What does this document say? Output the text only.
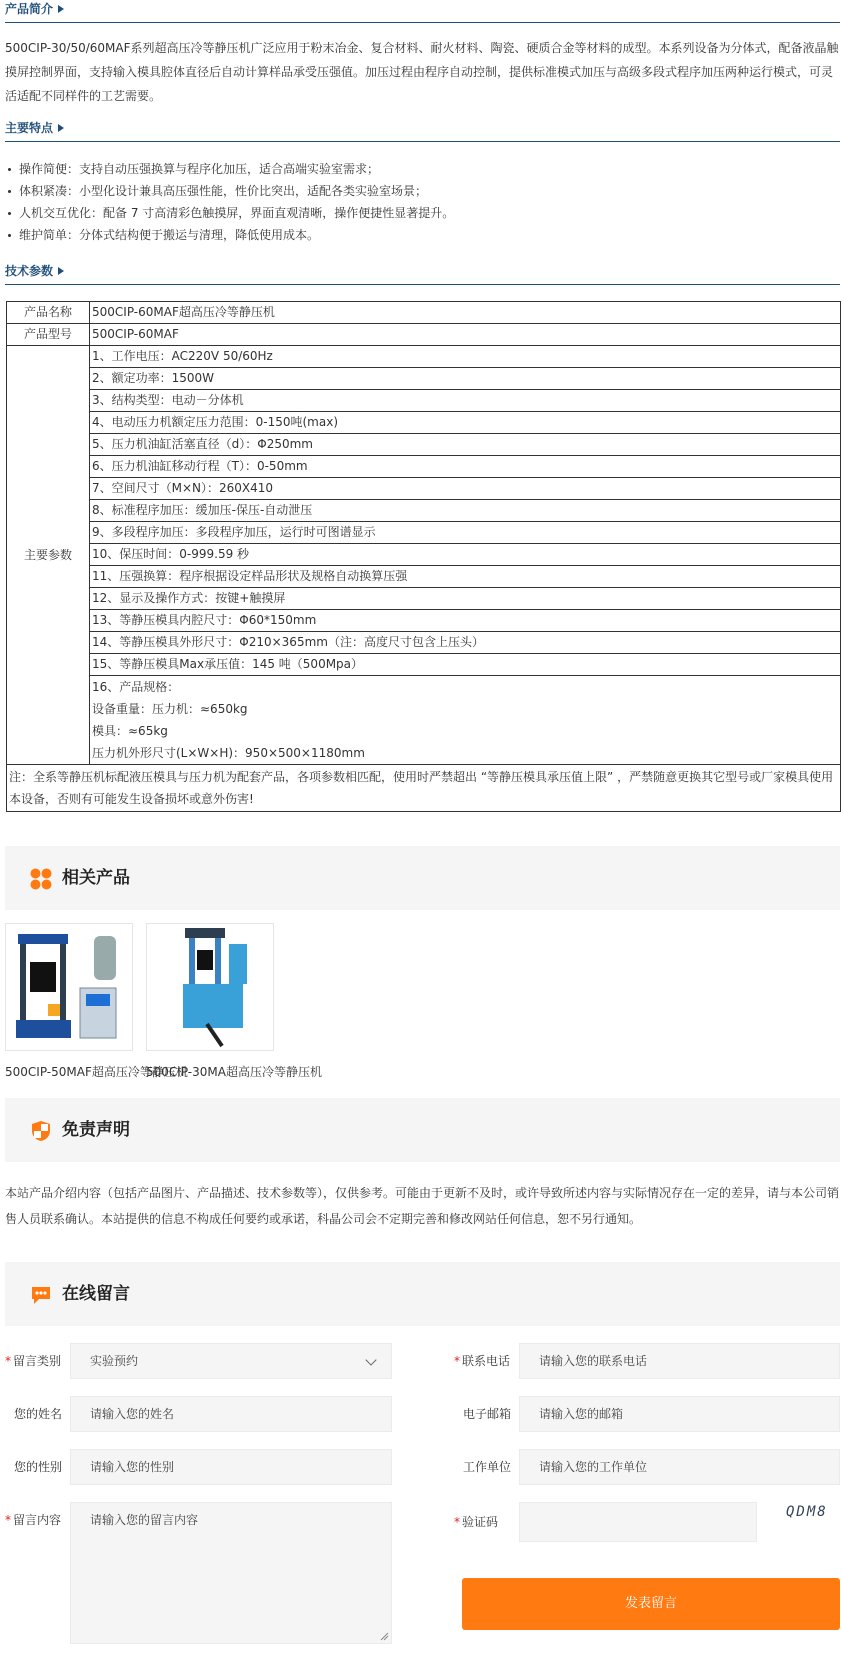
产品简介
500CIP-30/50/60MAF系列超高压冷等静压机广泛应用于粉末冶金、复合材料、耐火材料、陶瓷、硬质合金等材料的成型。本系列设备为分体式，配备液晶触摸屏控制界面，支持输入模具腔体直径后自动计算样品承受压强值。加压过程由程序自动控制，提供标准模式加压与高级多段式程序加压两种运行模式，可灵活适配不同样件的工艺需要。
主要特点
操作简便：支持自动压强换算与程序化加压，适合高端实验室需求；
体积紧凑：小型化设计兼具高压强性能，性价比突出，适配各类实验室场景；
人机交互优化：配备 7 寸高清彩色触摸屏，界面直观清晰，操作便捷性显著提升。
维护简单：分体式结构便于搬运与清理，降低使用成本。
技术参数
产品名称	500CIP-60MAF超高压冷等静压机
产品型号	500CIP-60MAF
主要参数	1、工作电压：AC220V 50/60Hz
	2、额定功率：1500W
	3、结构类型：电动－分体机
	4、电动压力机额定压力范围：0-150吨(max)
	5、压力机油缸活塞直径（d）：Φ250mm
	6、压力机油缸移动行程（T）：0-50mm
	7、空间尺寸（M×N）：260X410
	8、标准程序加压：缓加压-保压-自动泄压
	9、多段程序加压：多段程序加压，运行时可图谱显示
	10、保压时间：0-999.59 秒
	11、压强换算：程序根据设定样品形状及规格自动换算压强
	12、显示及操作方式：按键+触摸屏
	13、等静压模具内腔尺寸：Φ60*150mm
	14、等静压模具外形尺寸：Φ210×365mm（注：高度尺寸包含上压头）
	15、等静压模具Max承压值：145 吨（500Mpa）

	16、产品规格：
设备重量：压力机：≈650kg
模具：≈65kg
压力机外形尺寸(L×W×H)：950×500×1180mm

注：全系等静压机标配液压模具与压力机为配套产品，各项参数相匹配，使用时严禁超出 “等静压模具承压值上限” ，严禁随意更换其它型号或厂家模具使用本设备，否则有可能发生设备损坏或意外伤害!	
相关产品
500CIP-50MAF超高压冷等静压机
500CIP-30MA超高压冷等静压机
免责声明
本站产品介绍内容（包括产品图片、产品描述、技术参数等），仅供参考。可能由于更新不及时，或许导致所述内容与实际情况存在一定的差异，请与本公司销售人员联系确认。本站提供的信息不构成任何要约或承诺，科晶公司会不定期完善和修改网站任何信息，恕不另行通知。
在线留言
* 留言类别	实验预约	* 联系电话	请输入您的联系电话
您的姓名	请输入您的姓名	电子邮箱	请输入您的邮箱
您的性别	请输入您的性别	工作单位	请输入您的工作单位
* 留言内容	请输入您的留言内容	* 验证码
QDM8
发表留言
